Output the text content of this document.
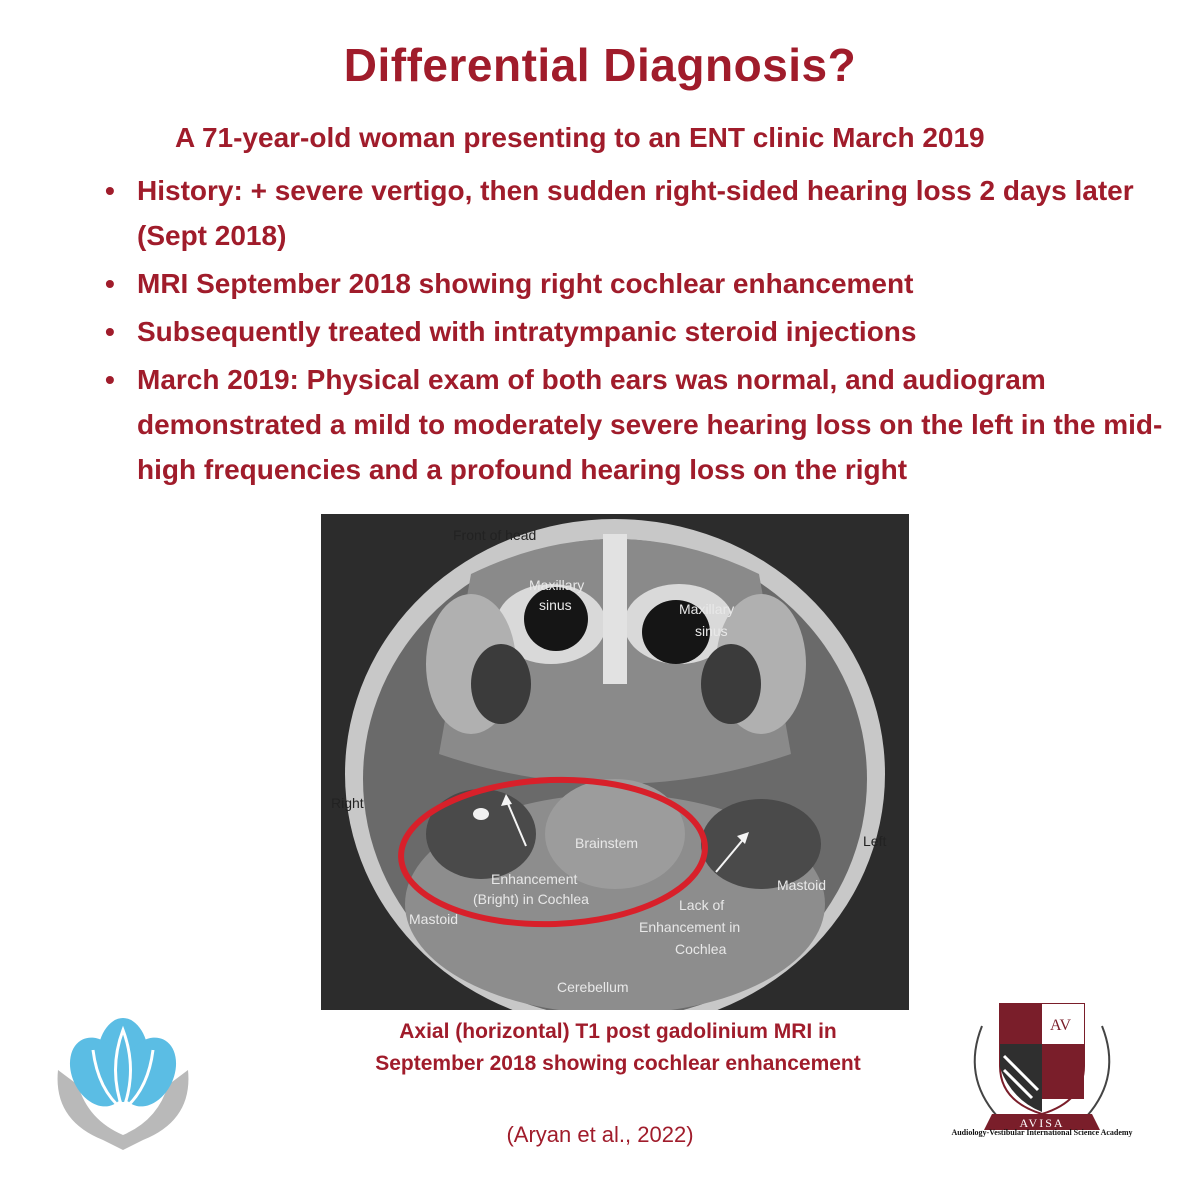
Differential Diagnosis?
A 71-year-old woman presenting to an ENT clinic March 2019
• History: + severe vertigo, then sudden right-sided hearing loss 2 days later (Sept 2018)
• MRI September 2018 showing right cochlear enhancement
• Subsequently treated with intratympanic steroid injections
• March 2019: Physical exam of both ears was normal, and audiogram demonstrated a mild to moderately severe hearing loss on the left in the mid-high frequencies and a profound hearing loss on the right
Front of head
Maxillary
sinus	Maxillary
sinus
Right
Left
Brainstem
Enhancement
(Bright) in Cochlea
Mastoid
Mastoid
Lack of
Enhancement in
Cochlea
Cerebellum
Axial (horizontal) T1 post gadolinium MRI in
September 2018 showing cochlear enhancement
(Aryan et al., 2022)
AV
AVISA
Audiology-Vestibular International Science Academy
